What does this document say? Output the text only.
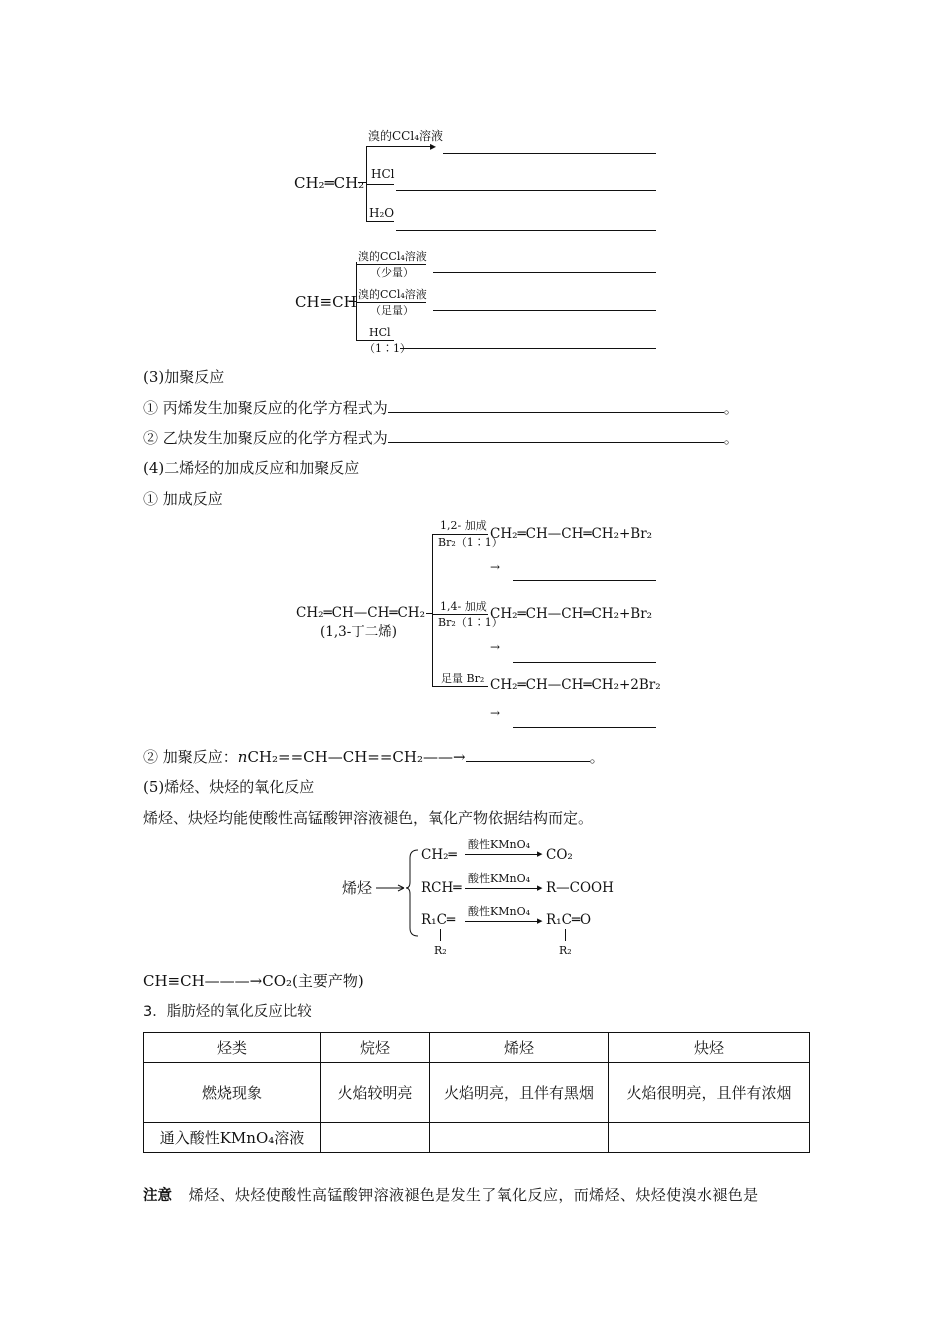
CH₂═CH₂
溴的CCl₄溶液
▸
HCl
H₂O
CH≡CH
溴的CCl₄溶液
（少量）
溴的CCl₄溶液
（足量）
HCl
（1∶1）
(3)加聚反应
① 丙烯发生加聚反应的化学方程式为	。
② 乙炔发生加聚反应的化学方程式为	。
(4)二烯烃的加成反应和加聚反应
① 加成反应
CH₂═CH—CH═CH₂
(1,3-丁二烯)
1,2- 加成
Br₂（1∶1）
CH₂═CH—CH═CH₂+Br₂
→
1,4- 加成
Br₂（1∶1）
CH₂═CH—CH═CH₂+Br₂
→
足量 Br₂ CH₂═CH—CH═CH₂+2Br₂
→
② 加聚反应：nCH₂==CH—CH==CH₂——→	。
(5)烯烃、炔烃的氧化反应
烯烃、炔烃均能使酸性高锰酸钾溶液褪色，氧化产物依据结构而定。
烯烃
CH₂═
酸性KMnO₄
▸ CO₂
RCH═
酸性KMnO₄
▸ R—COOH
R₁C═
酸性KMnO₄
▸ R₁C═O
R₂	R₂
CH≡CH———→CO₂(主要产物)
3．脂肪烃的氧化反应比较
烃类	烷烃	烯烃	炔烃
燃烧现象	火焰较明亮	火焰明亮，且伴有黑烟	火焰很明亮，且伴有浓烟
通入酸性KMnO₄溶液			
注意 烯烃、炔烃使酸性高锰酸钾溶液褪色是发生了氧化反应，而烯烃、炔烃使溴水褪色是
